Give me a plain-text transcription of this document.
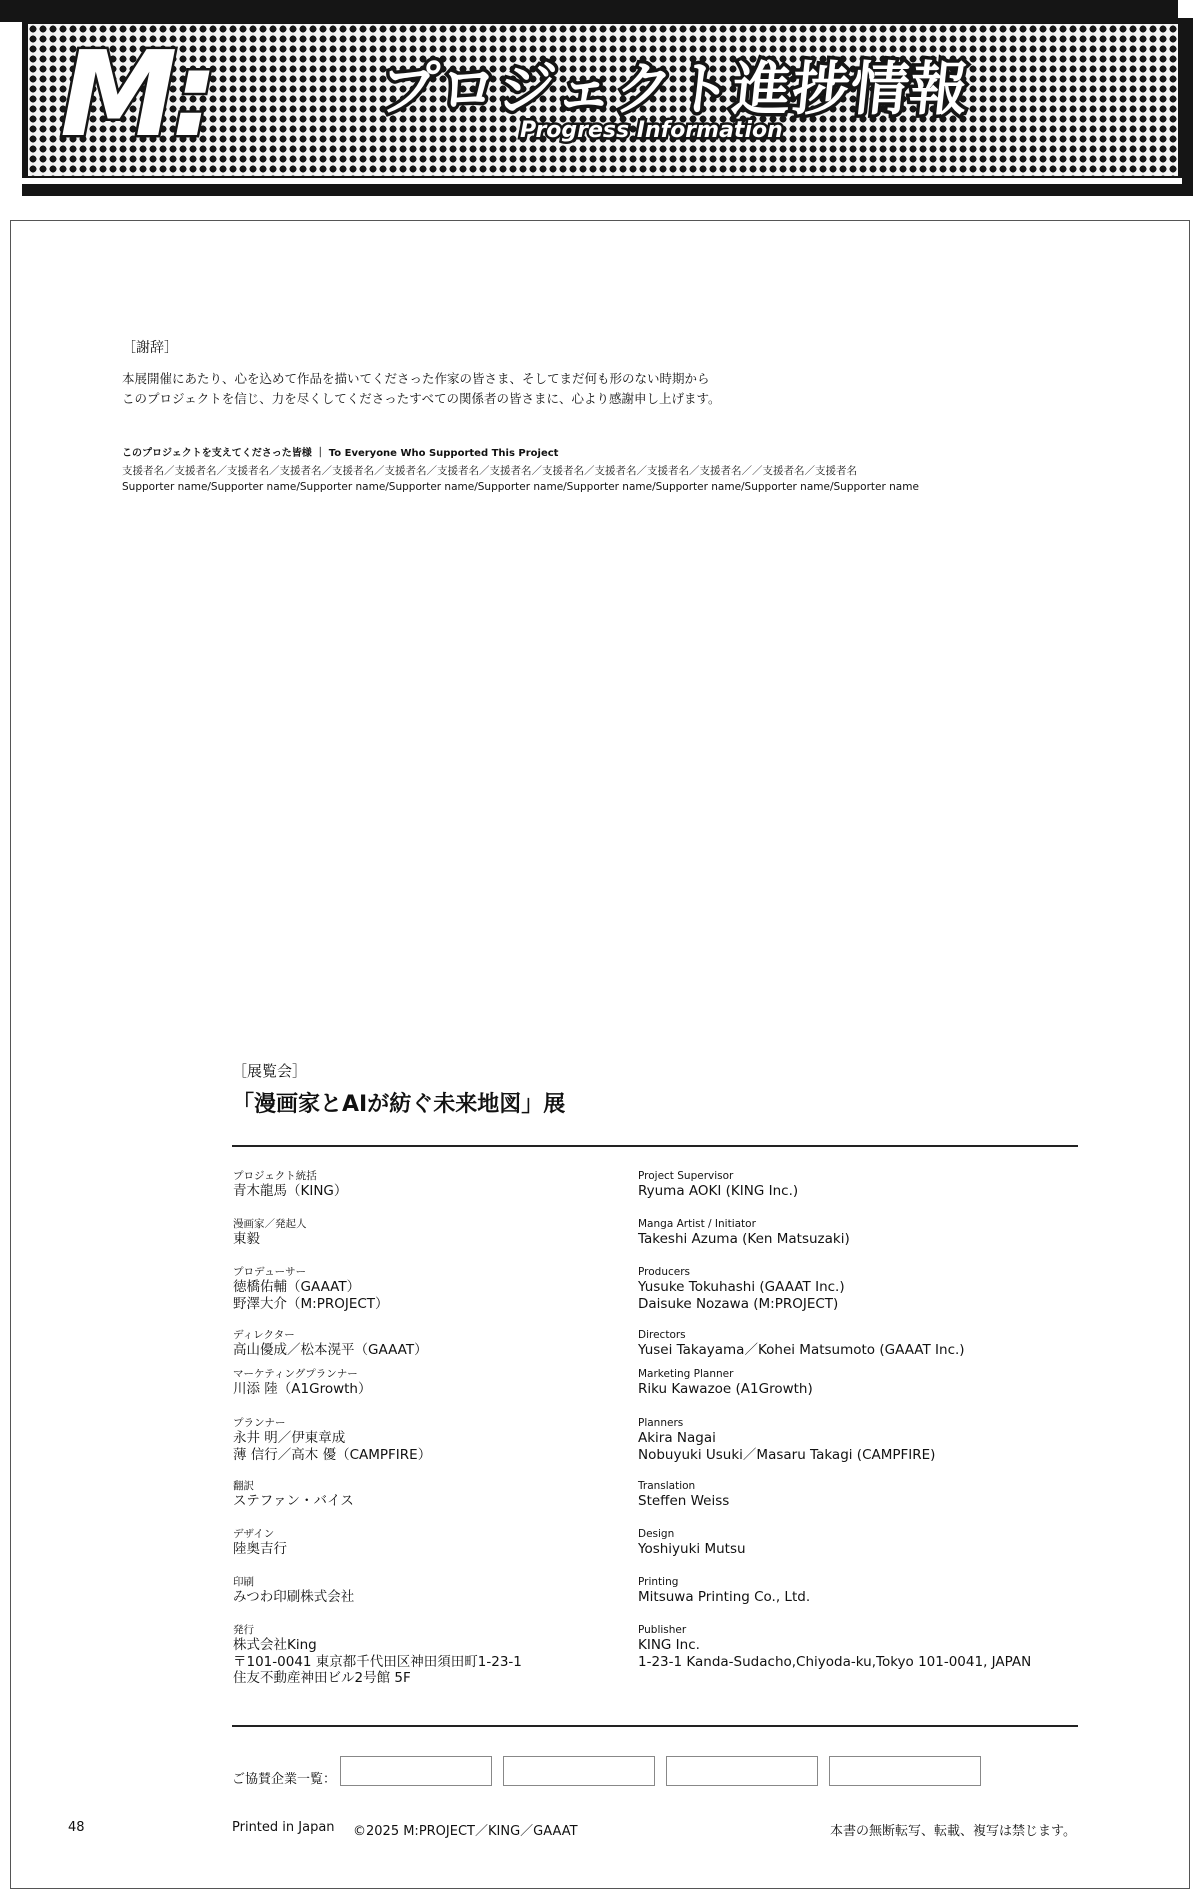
M:	プロジェクト進捗情報
Progress Information
［謝辞］
本展開催にあたり、心を込めて作品を描いてくださった作家の皆さま、そしてまだ何も形のない時期から
このプロジェクトを信じ、力を尽くしてくださったすべての関係者の皆さまに、心より感謝申し上げます。
このプロジェクトを支えてくださった皆様 ｜ To Everyone Who Supported This Project
支援者名／支援者名／支援者名／支援者名／支援者名／支援者名／支援者名／支援者名／支援者名／支援者名／支援者名／支援者名／／支援者名／支援者名
Supporter name/Supporter name/Supporter name/Supporter name/Supporter name/Supporter name/Supporter name/Supporter name/Supporter name
［展覧会］
「漫画家とAIが紡ぐ未来地図」展
プロジェクト統括
青木龍馬（KING）
Project Supervisor
Ryuma AOKI (KING Inc.)
漫画家／発起人
東毅
Manga Artist / Initiator
Takeshi Azuma (Ken Matsuzaki)
プロデューサー
徳橋佑輔（GAAAT）
野澤大介（M:PROJECT）
Producers
Yusuke Tokuhashi (GAAAT Inc.)
Daisuke Nozawa (M:PROJECT)
ディレクター
高山優成／松本滉平（GAAAT）
Directors
Yusei Takayama／Kohei Matsumoto (GAAAT Inc.)
マーケティングプランナー
川添 陸（A1Growth）
Marketing Planner
Riku Kawazoe (A1Growth)
プランナー
永井 明／伊東章成
薄 信行／高木 優（CAMPFIRE）
Planners
Akira Nagai
Nobuyuki Usuki／Masaru Takagi (CAMPFIRE)
翻訳
ステファン・バイス
Translation
Steffen Weiss
デザイン
陸奥吉行
Design
Yoshiyuki Mutsu
印刷
みつわ印刷株式会社
Printing
Mitsuwa Printing Co., Ltd.
発行
株式会社King
〒101-0041 東京都千代田区神田須田町1-23-1
住友不動産神田ビル2号館 5F
Publisher
KING Inc.
1-23-1 Kanda-Sudacho,Chiyoda-ku,Tokyo 101-0041, JAPAN
ご協賛企業一覧：
48	Printed in Japan ©2025 M:PROJECT／KING／GAAAT	本書の無断転写、転載、複写は禁じます。
